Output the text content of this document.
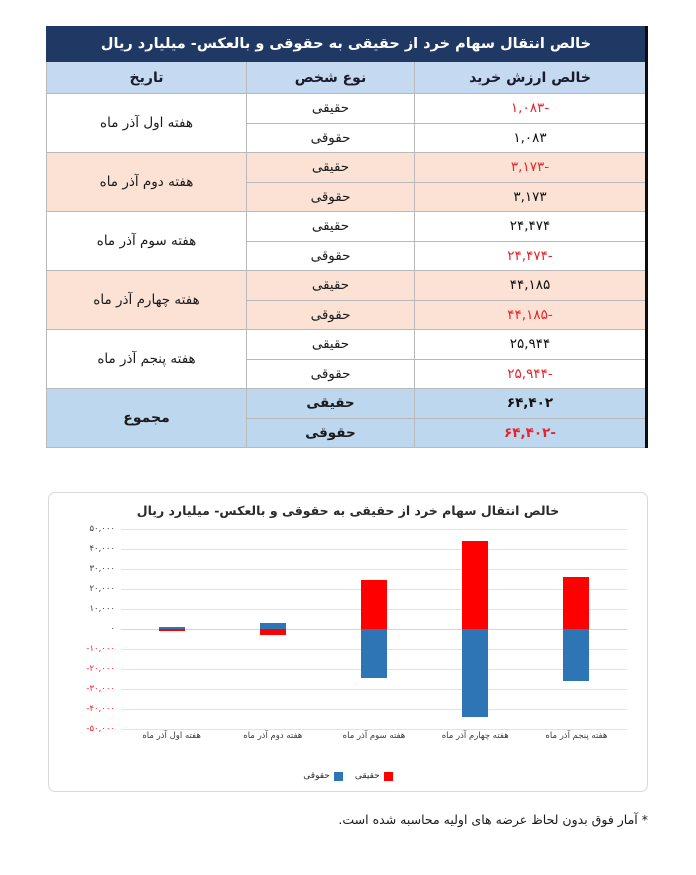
خالص انتقال سهام خرد از حقیقی به حقوقی و بالعکس- میلیارد ریال		
خالص ارزش خرید	نوع شخص	تاریخ
-۱,۰۸۳	حقیقی	هفته اول آذر ماه
۱,۰۸۳	حقوقی	
-۳,۱۷۳	حقیقی	هفته دوم آذر ماه
۳,۱۷۳	حقوقی	
۲۴,۴۷۴	حقیقی	هفته سوم آذر ماه
-۲۴,۴۷۴	حقوقی	
۴۴,۱۸۵	حقیقی	هفته چهارم آذر ماه
-۴۴,۱۸۵	حقوقی	
۲۵,۹۴۴	حقیقی	هفته پنجم آذر ماه
-۲۵,۹۴۴	حقوقی	
۶۴,۴۰۲	حقیقی	مجموع
-۶۴,۴۰۲	حقوقی	
خالص انتقال سهام خرد از حقیقی به حقوقی و بالعکس- میلیارد ریال
۵۰,۰۰۰
۴۰,۰۰۰
۳۰,۰۰۰
۲۰,۰۰۰
۱۰,۰۰۰
۰
-۱۰,۰۰۰
-۲۰,۰۰۰
-۳۰,۰۰۰
-۴۰,۰۰۰
-۵۰,۰۰۰
هفته اول آذر ماه	هفته دوم آذر ماه	هفته سوم آذر ماه	هفته چهارم آذر ماه	هفته پنجم آذر ماه
حقیقی
حقوقی
* آمار فوق بدون لحاظ عرضه های اولیه محاسبه شده است.
